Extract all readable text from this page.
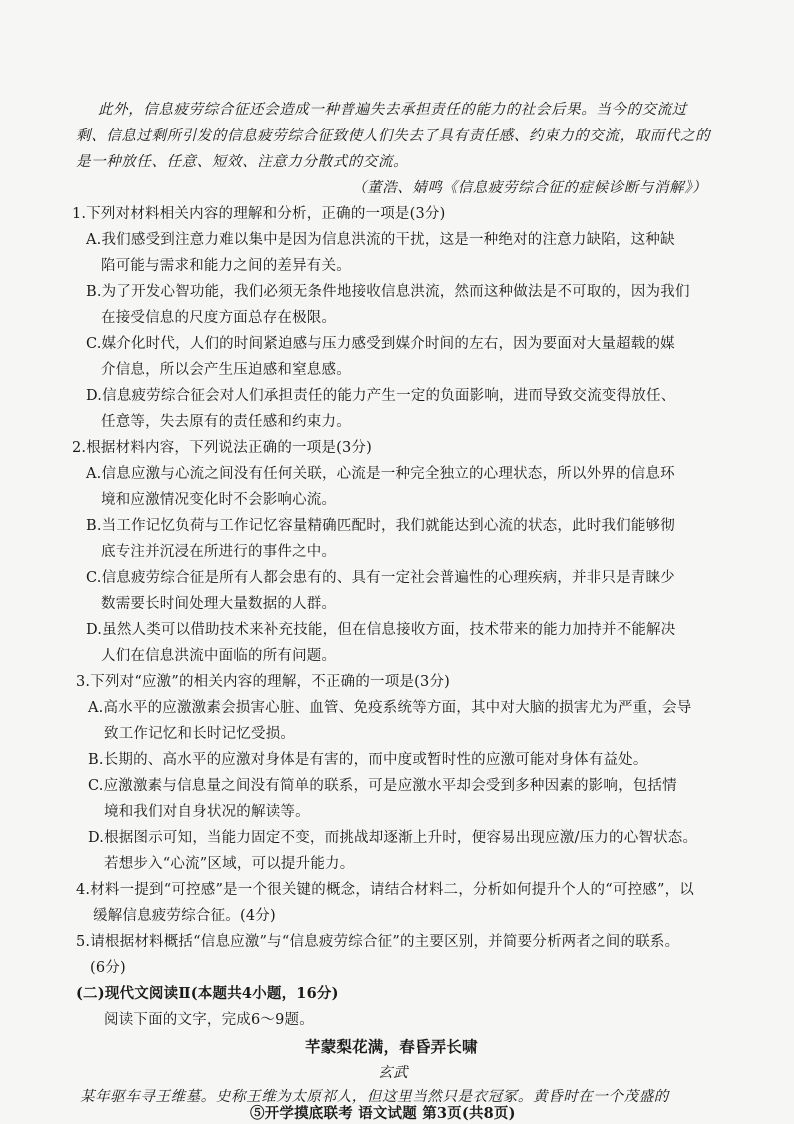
此外，信息疲劳综合征还会造成一种普遍失去承担责任的能力的社会后果。当今的交流过
剩、信息过剩所引发的信息疲劳综合征致使人们失去了具有责任感、约束力的交流，取而代之的
是一种放任、任意、短效、注意力分散式的交流。
（董浩、婧鸣《信息疲劳综合征的症候诊断与消解》）
1.下列对材料相关内容的理解和分析，正确的一项是(3分)
A.我们感受到注意力难以集中是因为信息洪流的干扰，这是一种绝对的注意力缺陷，这种缺
陷可能与需求和能力之间的差异有关。
B.为了开发心智功能，我们必须无条件地接收信息洪流，然而这种做法是不可取的，因为我们
在接受信息的尺度方面总存在极限。
C.媒介化时代，人们的时间紧迫感与压力感受到媒介时间的左右，因为要面对大量超载的媒
介信息，所以会产生压迫感和窒息感。
D.信息疲劳综合征会对人们承担责任的能力产生一定的负面影响，进而导致交流变得放任、
任意等，失去原有的责任感和约束力。
2.根据材料内容，下列说法正确的一项是(3分)
A.信息应激与心流之间没有任何关联，心流是一种完全独立的心理状态，所以外界的信息环
境和应激情况变化时不会影响心流。
B.当工作记忆负荷与工作记忆容量精确匹配时，我们就能达到心流的状态，此时我们能够彻
底专注并沉浸在所进行的事件之中。
C.信息疲劳综合征是所有人都会患有的、具有一定社会普遍性的心理疾病，并非只是青睐少
数需要长时间处理大量数据的人群。
D.虽然人类可以借助技术来补充技能，但在信息接收方面，技术带来的能力加持并不能解决
人们在信息洪流中面临的所有问题。
3.下列对“应激”的相关内容的理解，不正确的一项是(3分)
A.高水平的应激激素会损害心脏、血管、免疫系统等方面，其中对大脑的损害尤为严重，会导
致工作记忆和长时记忆受损。
B.长期的、高水平的应激对身体是有害的，而中度或暂时性的应激可能对身体有益处。
C.应激激素与信息量之间没有简单的联系，可是应激水平却会受到多种因素的影响，包括情
境和我们对自身状况的解读等。
D.根据图示可知，当能力固定不变，而挑战却逐渐上升时，便容易出现应激/压力的心智状态。
若想步入“心流”区域，可以提升能力。
4.材料一提到“可控感”是一个很关键的概念，请结合材料二，分析如何提升个人的“可控感”，以
缓解信息疲劳综合征。(4分)
5.请根据材料概括“信息应激”与“信息疲劳综合征”的主要区别，并简要分析两者之间的联系。
(6分)
(二)现代文阅读Ⅱ(本题共4小题，16分)
阅读下面的文字，完成6～9题。
芊蒙梨花满，春昏弄长啸
玄武
某年驱车寻王维墓。史称王维为太原祁人，但这里当然只是衣冠冢。黄昏时在一个茂盛的
⑤开学摸底联考 语文试题 第3页(共8页)
